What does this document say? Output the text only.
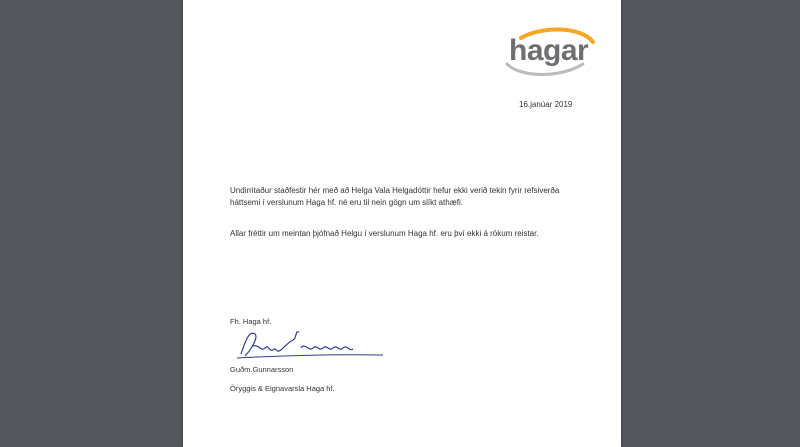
hagar
16.janúar 2019

Undirritaður staðfestir hér með að Helga Vala Helgadóttir hefur ekki verið tekin fyrir refsiverða háttsemi í verslunum Haga hf. né eru til nein gögn um slíkt athæfi.

Allar fréttir um meintan þjófnað Helgu í verslunum Haga hf. eru því ekki á rökum reistar.

Fh. Haga hf.

Guðm.Gunnarsson

Öryggis & Eignavarsla Haga hf.
